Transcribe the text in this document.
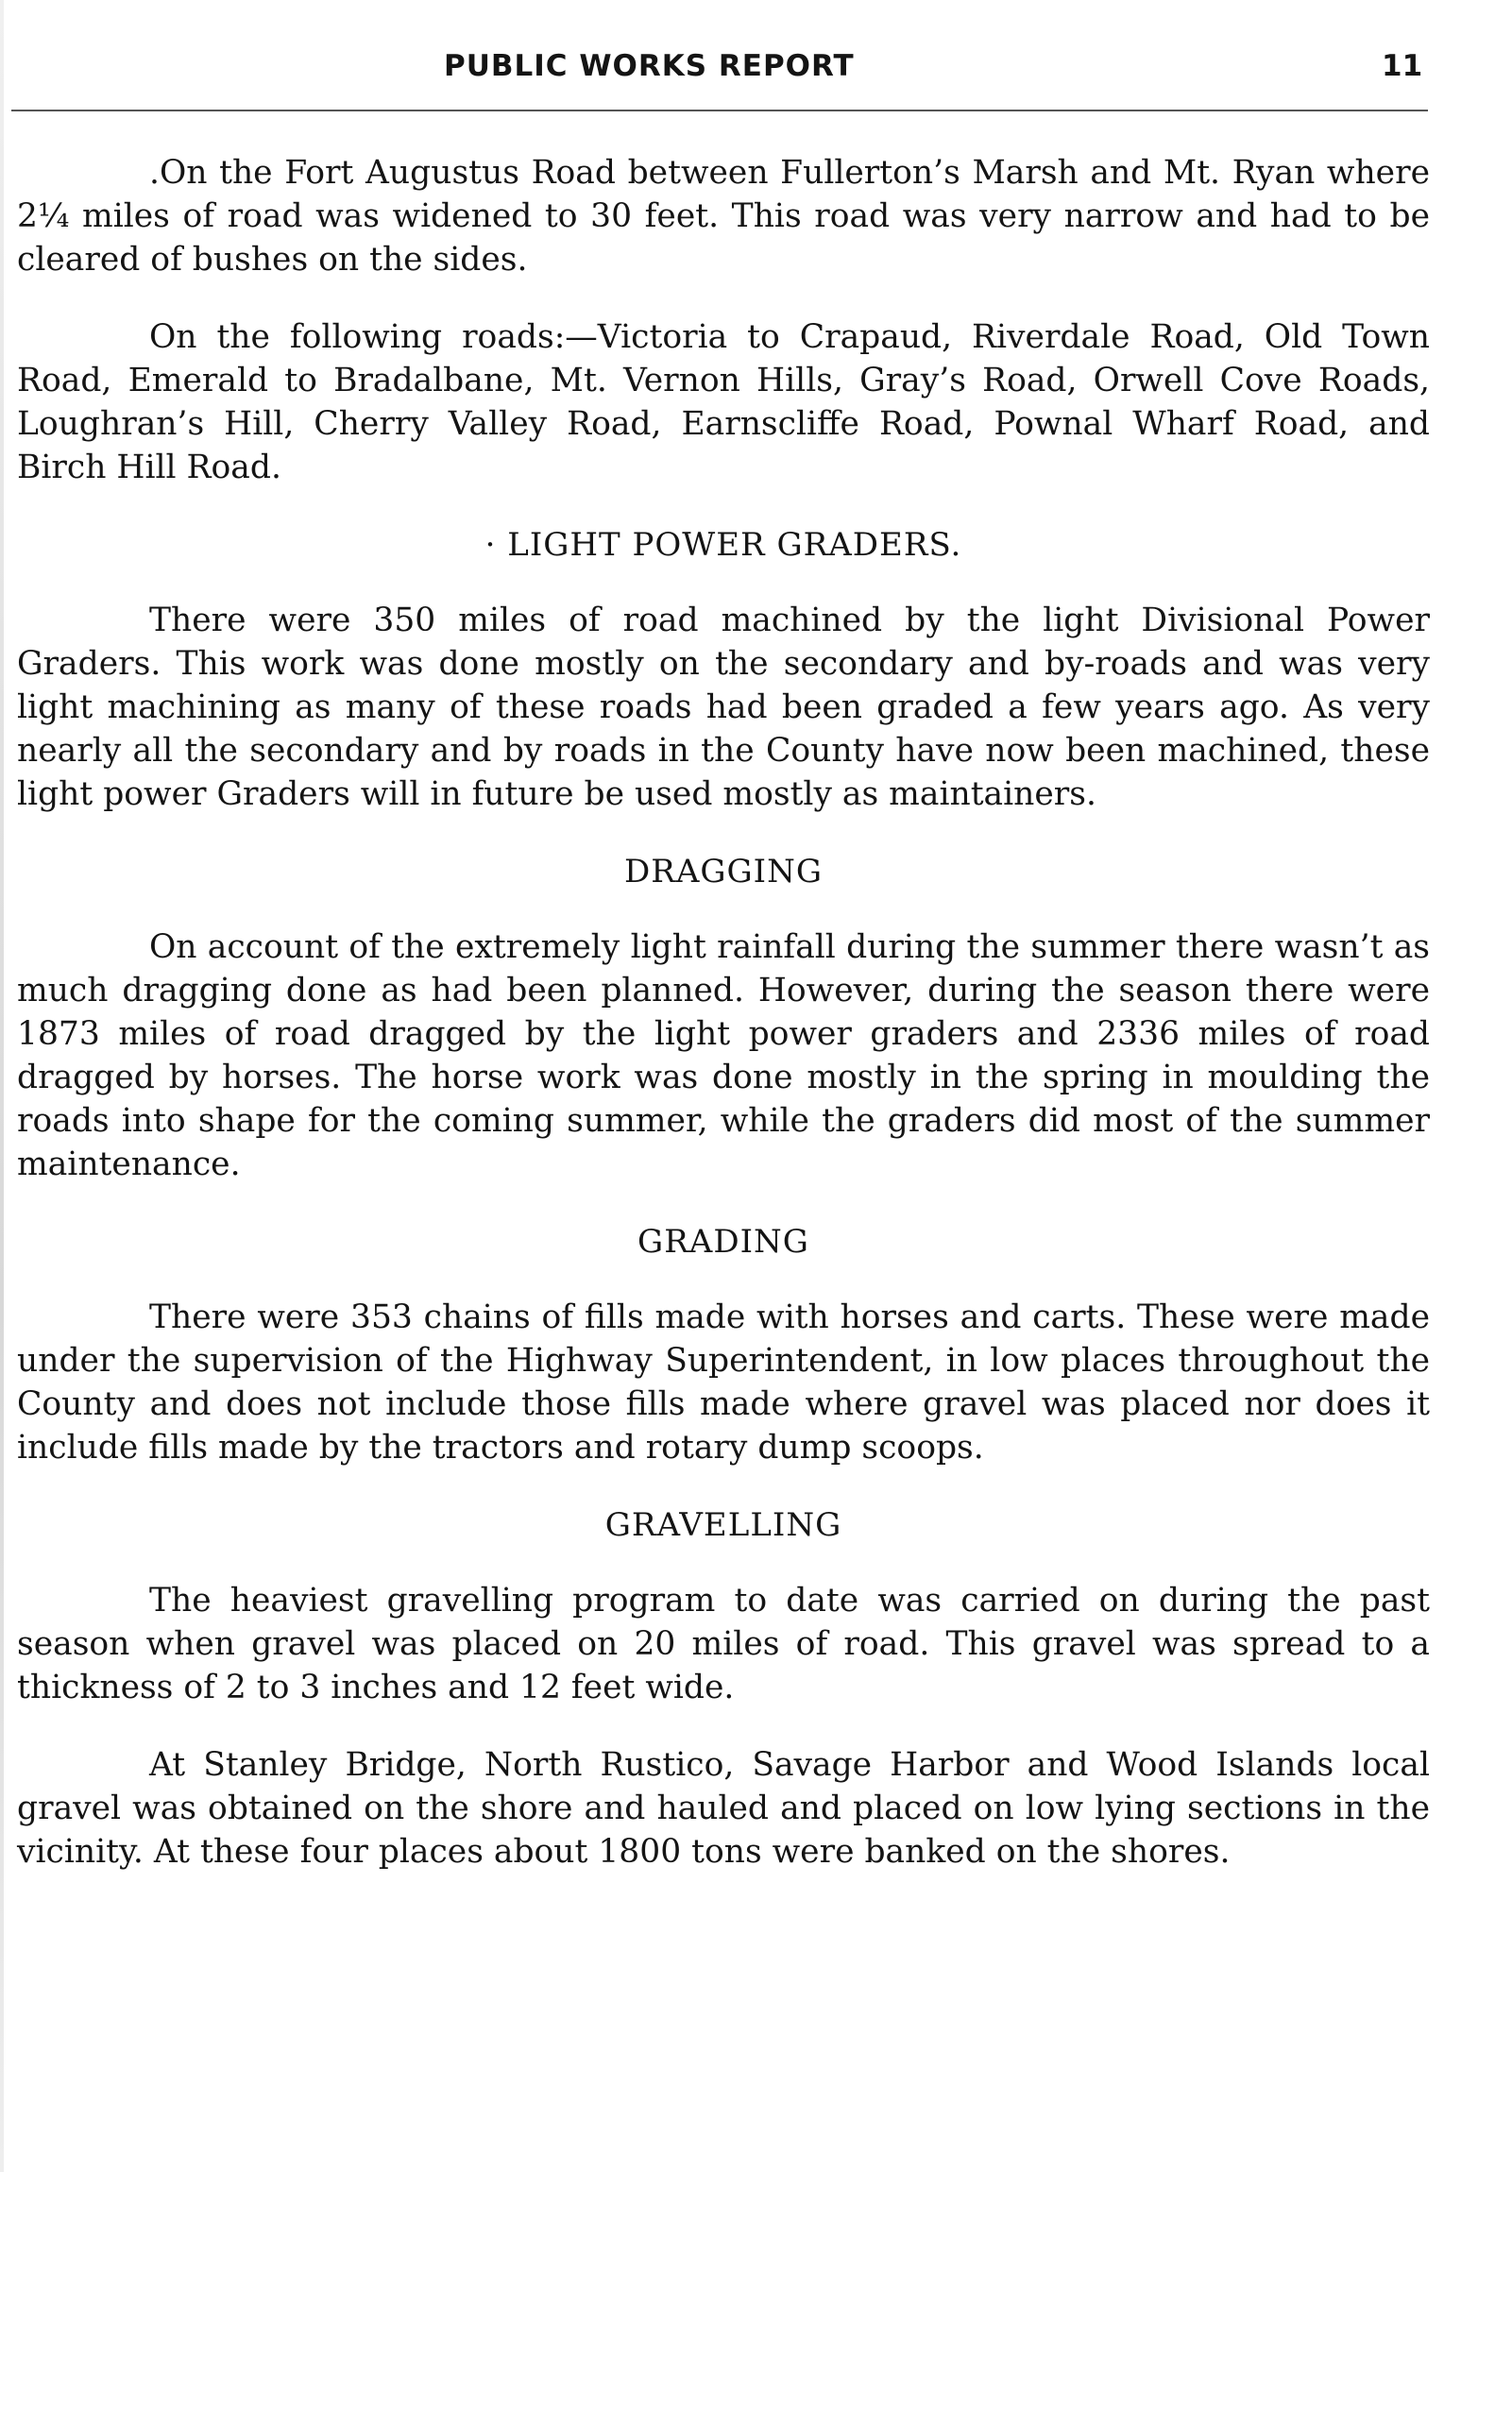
PUBLIC WORKS REPORT	11

.On the Fort Augustus Road between Fullerton’s Marsh and Mt. Ryan where 2¼ miles of road was widened to 30 feet. This road was very narrow and had to be cleared of bushes on the sides.

On the following roads:—Victoria to Crapaud, Riverdale Road, Old Town Road, Emerald to Bradalbane, Mt. Vernon Hills, Gray’s Road, Orwell Cove Roads, Loughran’s Hill, Cherry Valley Road, Earnscliffe Road, Pownal Wharf Road, and Birch Hill Road.

· LIGHT POWER GRADERS.

There were 350 miles of road machined by the light Divisional Power Graders. This work was done mostly on the secondary and by-roads and was very light machining as many of these roads had been graded a few years ago. As very nearly all the secondary and by roads in the County have now been machined, these light power Graders will in future be used mostly as maintainers.

DRAGGING

On account of the extremely light rainfall during the summer there wasn’t as much dragging done as had been planned. However, during the season there were 1873 miles of road dragged by the light power graders and 2336 miles of road dragged by horses. The horse work was done mostly in the spring in moulding the roads into shape for the coming summer, while the graders did most of the summer maintenance.

GRADING

There were 353 chains of fills made with horses and carts. These were made under the supervision of the Highway Superintendent, in low places throughout the County and does not include those fills made where gravel was placed nor does it include fills made by the tractors and rotary dump scoops.

GRAVELLING

The heaviest gravelling program to date was carried on during the past season when gravel was placed on 20 miles of road. This gravel was spread to a thickness of 2 to 3 inches and 12 feet wide.

At Stanley Bridge, North Rustico, Savage Harbor and Wood Islands local gravel was obtained on the shore and hauled and placed on low lying sections in the vicinity. At these four places about 1800 tons were banked on the shores.
